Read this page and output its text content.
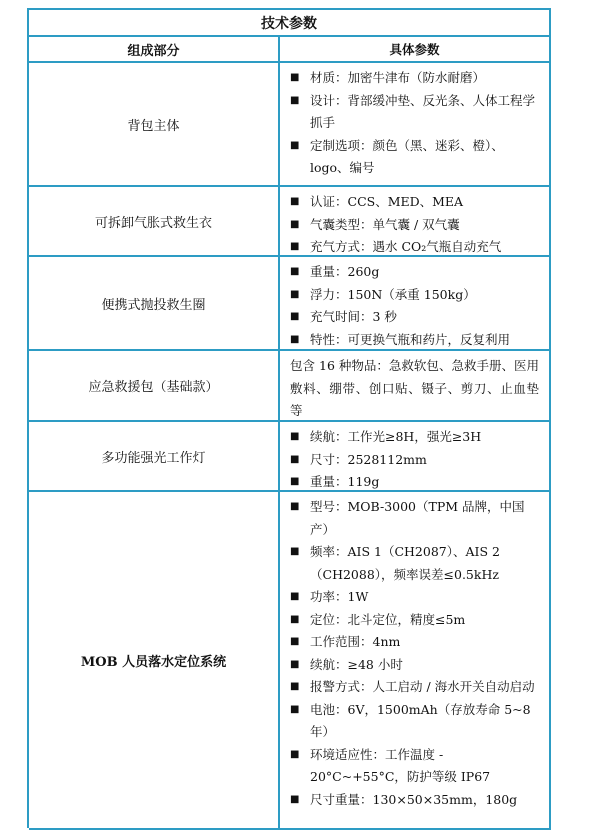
技术参数
组成部分	具体参数
背包主体
■ 材质：加密牛津布（防水耐磨）
■ 设计：背部缓冲垫、反光条、人体工程学抓手
■ 定制选项：颜色（黑、迷彩、橙）、logo、编号
可拆卸气胀式救生衣
■ 认证：CCS、MED、MEA
■ 气囊类型：单气囊 / 双气囊
■ 充气方式：遇水 CO₂气瓶自动充气
便携式抛投救生圈
■ 重量：260g
■ 浮力：150N（承重 150kg）
■ 充气时间：3 秒
■ 特性：可更换气瓶和药片，反复利用
应急救援包（基础款）

包含 16 种物品：急救软包、急救手册、医用敷料、绷带、创口贴、镊子、剪刀、止血垫等

多功能强光工作灯
■ 续航：工作光≥8H，强光≥3H
■ 尺寸：2528112mm
■ 重量：119g
MOB 人员落水定位系统
■ 型号：MOB-3000（TPM 品牌，中国产）
■ 频率：AIS 1（CH2087）、AIS 2（CH2088），频率误差≤0.5kHz
■ 功率：1W
■ 定位：北斗定位，精度≤5m
■ 工作范围：4nm
■ 续航：≥48 小时
■ 报警方式：人工启动 / 海水开关自动启动
■ 电池：6V，1500mAh（存放寿命 5~8年）
■ 环境适应性：工作温度 - 20°C~+55°C，防护等级 IP67
■ 尺寸重量：130×50×35mm，180g
